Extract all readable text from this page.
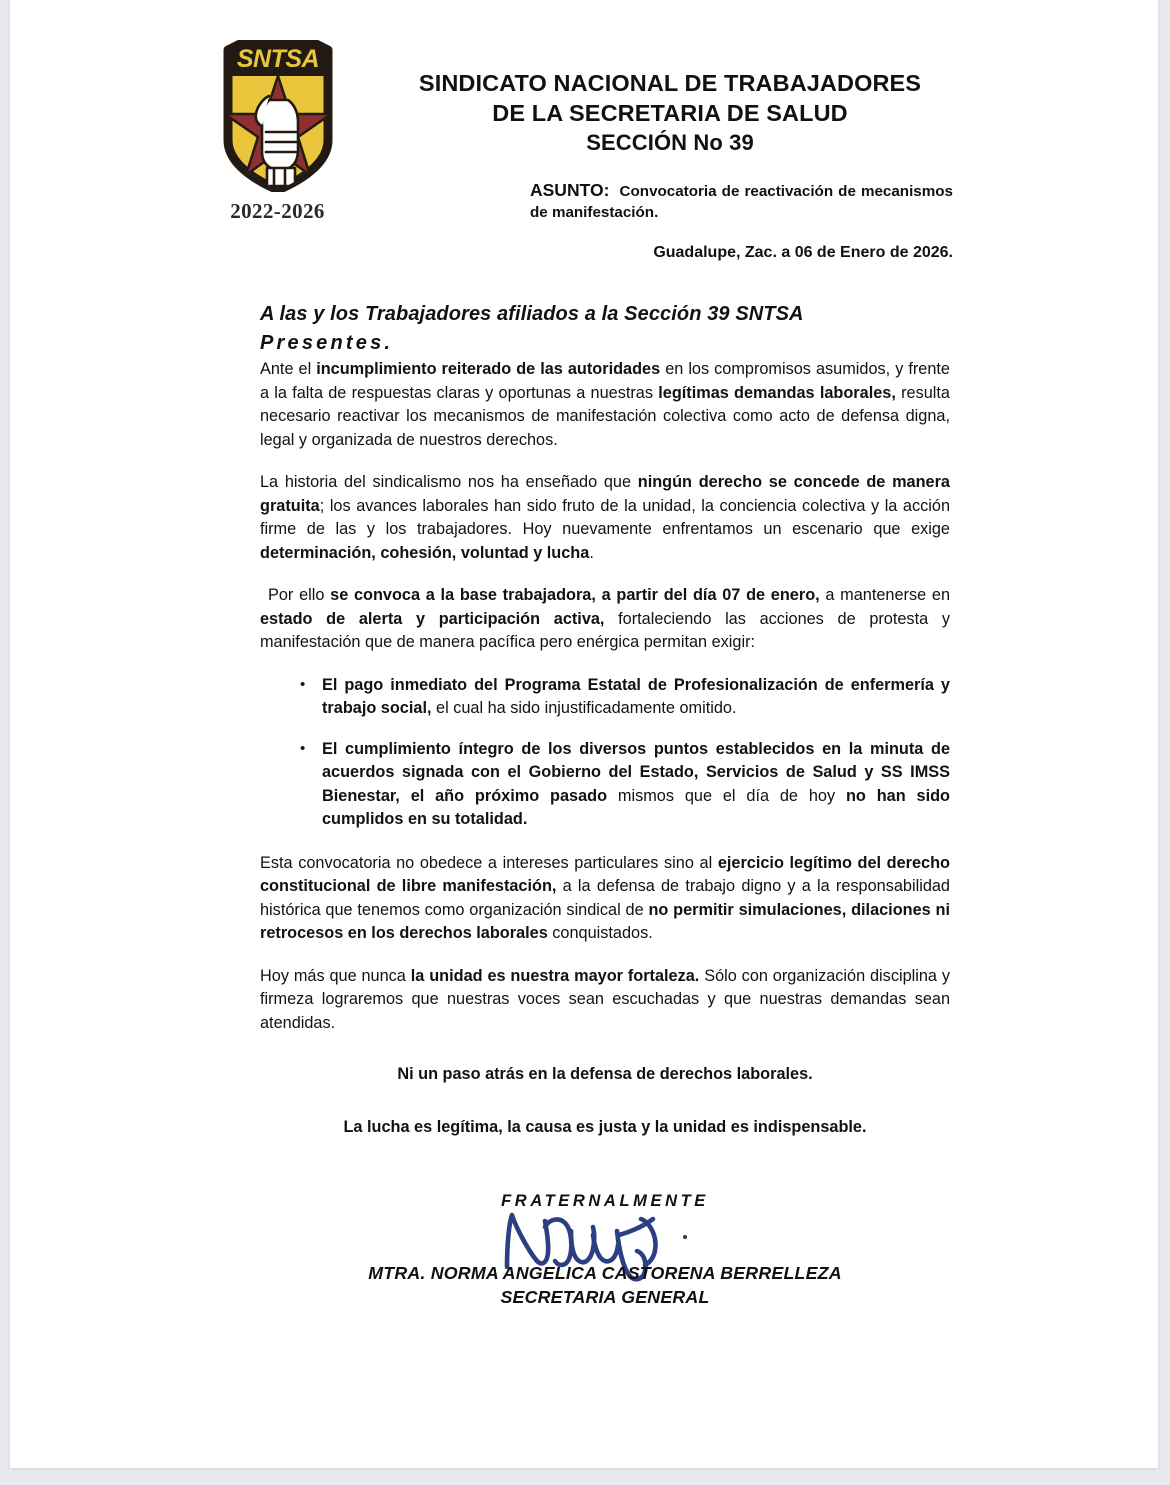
SNTSA
2022-2026
SINDICATO NACIONAL DE TRABAJADORES
DE LA SECRETARIA DE SALUD
SECCIÓN No 39
ASUNTO: Convocatoria de reactivación de mecanismos de manifestación.
Guadalupe, Zac. a 06 de Enero de 2026.
A las y los Trabajadores afiliados a la Sección 39 SNTSA
Presentes.

Ante el incumplimiento reiterado de las autoridades en los compromisos asumidos, y frente a la falta de respuestas claras y oportunas a nuestras legítimas demandas laborales, resulta necesario reactivar los mecanismos de manifestación colectiva como acto de defensa digna, legal y organizada de nuestros derechos.

La historia del sindicalismo nos ha enseñado que ningún derecho se concede de manera gratuita; los avances laborales han sido fruto de la unidad, la conciencia colectiva y la acción firme de las y los trabajadores. Hoy nuevamente enfrentamos un escenario que exige determinación, cohesión, voluntad y lucha.

Por ello se convoca a la base trabajadora, a partir del día 07 de enero, a mantenerse en estado de alerta y participación activa, fortaleciendo las acciones de protesta y manifestación que de manera pacífica pero enérgica permitan exigir:

• El pago inmediato del Programa Estatal de Profesionalización de enfermería y trabajo social, el cual ha sido injustificadamente omitido.
• El cumplimiento íntegro de los diversos puntos establecidos en la minuta de acuerdos signada con el Gobierno del Estado, Servicios de Salud y SS IMSS Bienestar, el año próximo pasado mismos que el día de hoy no han sido cumplidos en su totalidad.

Esta convocatoria no obedece a intereses particulares sino al ejercicio legítimo del derecho constitucional de libre manifestación, a la defensa de trabajo digno y a la responsabilidad histórica que tenemos como organización sindical de no permitir simulaciones, dilaciones ni retrocesos en los derechos laborales conquistados.

Hoy más que nunca la unidad es nuestra mayor fortaleza. Sólo con organización disciplina y firmeza lograremos que nuestras voces sean escuchadas y que nuestras demandas sean atendidas.

Ni un paso atrás en la defensa de derechos laborales.

La lucha es legítima, la causa es justa y la unidad es indispensable.

FRATERNALMENTE
MTRA. NORMA ANGELICA CASTORENA BERRELLEZA
SECRETARIA GENERAL
